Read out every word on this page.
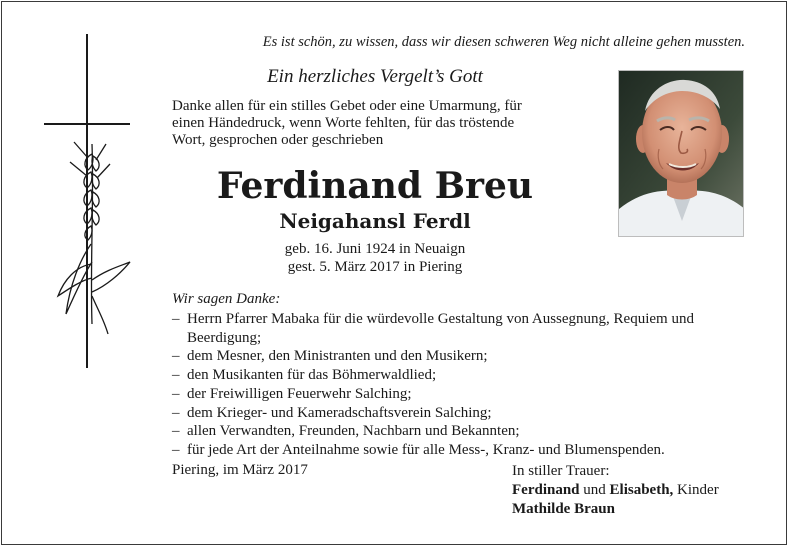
Es ist schön, zu wissen, dass wir diesen schweren Weg nicht alleine gehen mussten.
Ein herzliches Vergelt’s Gott
Danke allen für ein stilles Gebet oder eine Umarmung, für
einen Händedruck, wenn Worte fehlten, für das tröstende
Wort, gesprochen oder geschrieben
Ferdinand Breu
Neigahansl Ferdl
geb. 16. Juni 1924 in Neuaign
gest. 5. März 2017 in Piering
Wir sagen Danke:
– Herrn Pfarrer Mabaka für die würdevolle Gestaltung von Aussegnung, Requiem und Beerdigung;
– dem Mesner, den Ministranten und den Musikern;
– den Musikanten für das Böhmerwaldlied;
– der Freiwilligen Feuerwehr Salching;
– dem Krieger- und Kameradschaftsverein Salching;
– allen Verwandten, Freunden, Nachbarn und Bekannten;
– für jede Art der Anteilnahme sowie für alle Mess-, Kranz- und Blumenspenden.
Piering, im März 2017	In stiller Trauer:
Ferdinand und Elisabeth, Kinder
Mathilde Braun
